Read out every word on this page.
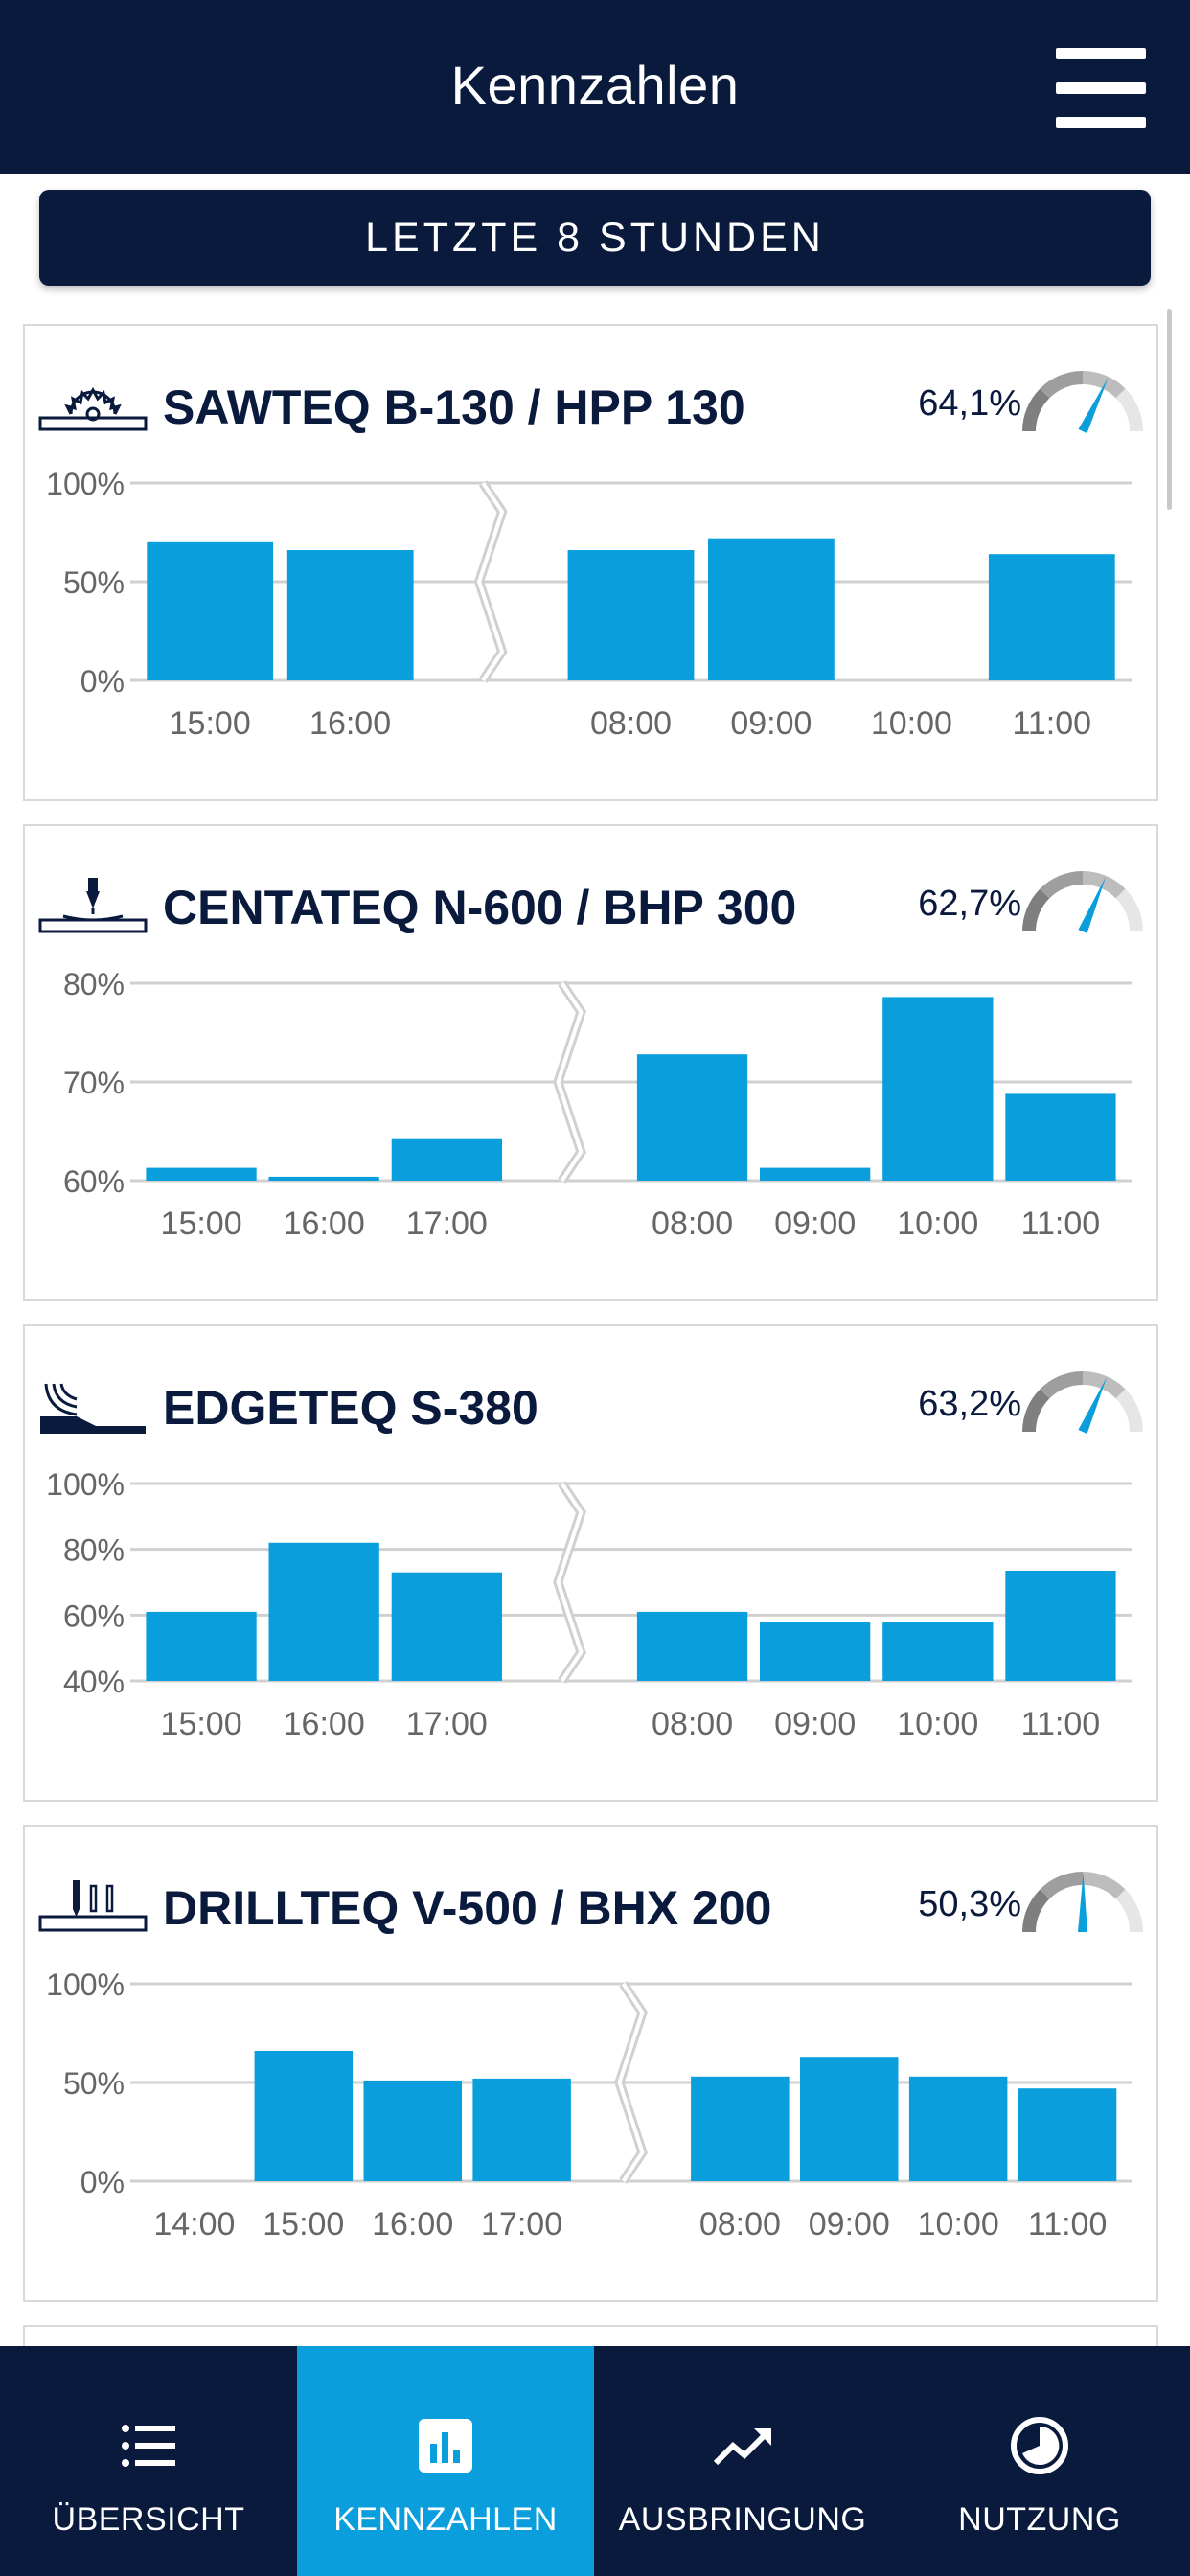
Kennzahlen
LETZTE 8 STUNDEN
SAWTEQ B-130 / HPP 130	64,1%
0%
50%
100%
15:00 16:00	08:00 09:00 10:00 11:00
CENTATEQ N-600 / BHP 300	62,7%
60%
70%
80%
15:00 16:00 17:00	08:00 09:00 10:00 11:00
EDGETEQ S-380	63,2%
40%
60%
80%
100%
15:00 16:00 17:00	08:00 09:00 10:00 11:00
DRILLTEQ V-500 / BHX 200	50,3%
0%
50%
100%
14:00 15:00 16:00 17:00	08:00 09:00 10:00 11:00
ÜBERSICHT	KENNZAHLEN	AUSBRINGUNG	NUTZUNG
